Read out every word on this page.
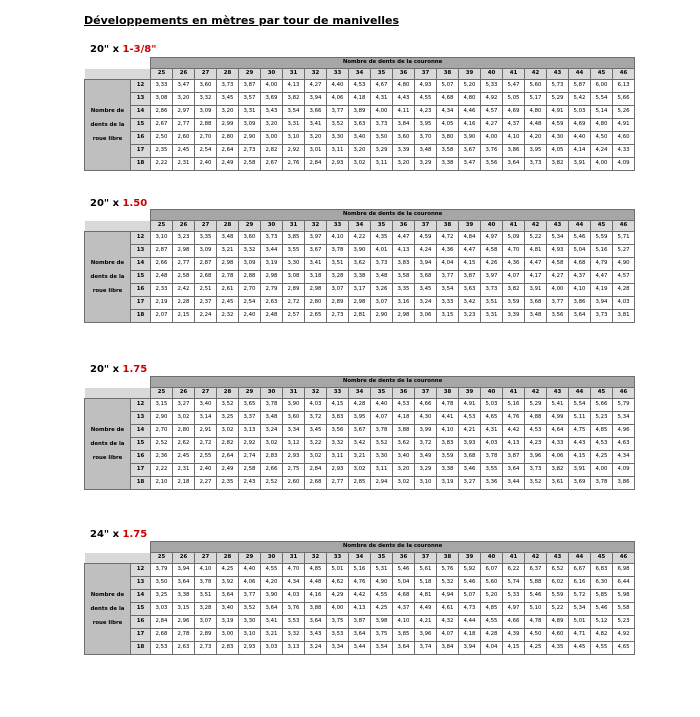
Développements en mètres par tour de manivelles
20" x 1-3/8"
		Nombre de dents de la couronne																					
		25	26	27	28	29	30	31	32	33	34	35	36	37	38	39	40	41	42	43	44	45	46
Nombre de
dents de la
roue libre	12	3,33	3,47	3,60	3,73	3,87	4,00	4,13	4,27	4,40	4,53	4,67	4,80	4,93	5,07	5,20	5,33	5,47	5,60	5,73	5,87	6,00	6,13
	13	3,08	3,20	3,32	3,45	3,57	3,69	3,82	3,94	4,06	4,18	4,31	4,43	4,55	4,68	4,80	4,92	5,05	5,17	5,29	5,42	5,54	5,66
	14	2,86	2,97	3,09	3,20	3,31	3,43	3,54	3,66	3,77	3,89	4,00	4,11	4,23	4,34	4,46	4,57	4,69	4,80	4,91	5,03	5,14	5,26
	15	2,67	2,77	2,88	2,99	3,09	3,20	3,31	3,41	3,52	3,63	3,73	3,84	3,95	4,05	4,16	4,27	4,37	4,48	4,59	4,69	4,80	4,91
	16	2,50	2,60	2,70	2,80	2,90	3,00	3,10	3,20	3,30	3,40	3,50	3,60	3,70	3,80	3,90	4,00	4,10	4,20	4,30	4,40	4,50	4,60
	17	2,35	2,45	2,54	2,64	2,73	2,82	2,92	3,01	3,11	3,20	3,29	3,39	3,48	3,58	3,67	3,76	3,86	3,95	4,05	4,14	4,24	4,33
	18	2,22	2,31	2,40	2,49	2,58	2,67	2,76	2,84	2,93	3,02	3,11	3,20	3,29	3,38	3,47	3,56	3,64	3,73	3,82	3,91	4,00	4,09
20" x 1.50
		Nombre de dents de la couronne																					
		25	26	27	28	29	30	31	32	33	34	35	36	37	38	39	40	41	42	43	44	45	46
Nombre de
dents de la
roue libre	12	3,10	3,23	3,35	3,48	3,60	3,73	3,85	3,97	4,10	4,22	4,35	4,47	4,59	4,72	4,84	4,97	5,09	5,22	5,34	5,46	5,59	5,71
	13	2,87	2,98	3,09	3,21	3,32	3,44	3,55	3,67	3,78	3,90	4,01	4,13	4,24	4,36	4,47	4,58	4,70	4,81	4,93	5,04	5,16	5,27
	14	2,66	2,77	2,87	2,98	3,09	3,19	3,30	3,41	3,51	3,62	3,73	3,83	3,94	4,04	4,15	4,26	4,36	4,47	4,58	4,68	4,79	4,90
	15	2,48	2,58	2,68	2,78	2,88	2,98	3,08	3,18	3,28	3,38	3,48	3,58	3,68	3,77	3,87	3,97	4,07	4,17	4,27	4,37	4,47	4,57
	16	2,33	2,42	2,51	2,61	2,70	2,79	2,89	2,98	3,07	3,17	3,26	3,35	3,45	3,54	3,63	3,73	3,82	3,91	4,00	4,10	4,19	4,28
	17	2,19	2,28	2,37	2,45	2,54	2,63	2,72	2,80	2,89	2,98	3,07	3,16	3,24	3,33	3,42	3,51	3,59	3,68	3,77	3,86	3,94	4,03
	18	2,07	2,15	2,24	2,32	2,40	2,48	2,57	2,65	2,73	2,81	2,90	2,98	3,06	3,15	3,23	3,31	3,39	3,48	3,56	3,64	3,73	3,81
20" x 1.75
		Nombre de dents de la couronne																					
		25	26	27	28	29	30	31	32	33	34	35	36	37	38	39	40	41	42	43	44	45	46
Nombre de
dents de la
roue libre	12	3,15	3,27	3,40	3,52	3,65	3,78	3,90	4,03	4,15	4,28	4,40	4,53	4,66	4,78	4,91	5,03	5,16	5,29	5,41	5,54	5,66	5,79
	13	2,90	3,02	3,14	3,25	3,37	3,48	3,60	3,72	3,83	3,95	4,07	4,18	4,30	4,41	4,53	4,65	4,76	4,88	4,99	5,11	5,23	5,34
	14	2,70	2,80	2,91	3,02	3,13	3,24	3,34	3,45	3,56	3,67	3,78	3,88	3,99	4,10	4,21	4,31	4,42	4,53	4,64	4,75	4,85	4,96
	15	2,52	2,62	2,72	2,82	2,92	3,02	3,12	3,22	3,32	3,42	3,52	3,62	3,72	3,83	3,93	4,03	4,13	4,23	4,33	4,43	4,53	4,63
	16	2,36	2,45	2,55	2,64	2,74	2,83	2,93	3,02	3,11	3,21	3,30	3,40	3,49	3,59	3,68	3,78	3,87	3,96	4,06	4,15	4,25	4,34
	17	2,22	2,31	2,40	2,49	2,58	2,66	2,75	2,84	2,93	3,02	3,11	3,20	3,29	3,38	3,46	3,55	3,64	3,73	3,82	3,91	4,00	4,09
	18	2,10	2,18	2,27	2,35	2,43	2,52	2,60	2,68	2,77	2,85	2,94	3,02	3,10	3,19	3,27	3,36	3,44	3,52	3,61	3,69	3,78	3,86
24" x 1.75
		Nombre de dents de la couronne																					
		25	26	27	28	29	30	31	32	33	34	35	36	37	38	39	40	41	42	43	44	45	46
Nombre de
dents de la
roue libre	12	3,79	3,94	4,10	4,25	4,40	4,55	4,70	4,85	5,01	5,16	5,31	5,46	5,61	5,76	5,92	6,07	6,22	6,37	6,52	6,67	6,83	6,98
	13	3,50	3,64	3,78	3,92	4,06	4,20	4,34	4,48	4,62	4,76	4,90	5,04	5,18	5,32	5,46	5,60	5,74	5,88	6,02	6,16	6,30	6,44
	14	3,25	3,38	3,51	3,64	3,77	3,90	4,03	4,16	4,29	4,42	4,55	4,68	4,81	4,94	5,07	5,20	5,33	5,46	5,59	5,72	5,85	5,98
	15	3,03	3,15	3,28	3,40	3,52	3,64	3,76	3,88	4,00	4,13	4,25	4,37	4,49	4,61	4,73	4,85	4,97	5,10	5,22	5,34	5,46	5,58
	16	2,84	2,96	3,07	3,19	3,30	3,41	3,53	3,64	3,75	3,87	3,98	4,10	4,21	4,32	4,44	4,55	4,66	4,78	4,89	5,01	5,12	5,23
	17	2,68	2,78	2,89	3,00	3,10	3,21	3,32	3,43	3,53	3,64	3,75	3,85	3,96	4,07	4,18	4,28	4,39	4,50	4,60	4,71	4,82	4,92
	18	2,53	2,63	2,73	2,83	2,93	3,03	3,13	3,24	3,34	3,44	3,54	3,64	3,74	3,84	3,94	4,04	4,15	4,25	4,35	4,45	4,55	4,65
